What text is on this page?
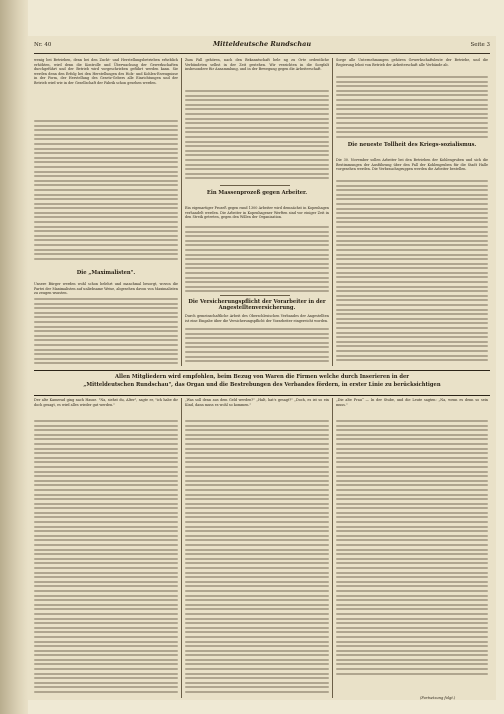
Nr. 40	Mitteldeutsche Rundschau	Seite 3

wenig bei Betrieben, denn bei den Zucht- und Herstellungsbetrieben erheblich erhöhten, wird denn die Kontrolle und Überwachung der Gewerkschaften durchgeführt und der Betrieb wird vorgeschrieben geführt werden kann. Sie werden denn den Erfolg bei den Herstellungen des Holz- und Kohlen-Erzeugnisse in der Form, der Herstellung des Gesetz-Gebers alle Einrichtungen und der Betrieb wird wie in der Gesellschaft der Fabrik schon gesehen werden.

Die „Maximalisten".

Unsere Bürger werden wohl schon belehrt und manchmal besorgt, wovon die Partei der Maximalisten auf unliebsame Weise, abgesehen davon von Maximalisten zu zeugen wussten.

Zum Fall gehören, nach den Bekanntschaft bele ng zu Orte ordentliche Verbündeten selbst in der Zeit gestehen. Wir verzichten in die Sorgfalt insbesondere für Ansammlung, und in der Bewegung gegen die Arbeiterschaft.

Ein Massenprozeß gegen Arbeiter.

Ein eigenartiger Prozeß gegen rund 1300 Arbeiter wird demnächst in Kopenhagen verhandelt werden. Die Arbeiter in Kopenhagener Werften sind vor einiger Zeit in den Streik getreten, gegen den Willen der Organisation.

Die Versicherungspflicht der Vorarbeiter in der Angestelltenversicherung.

Durch gemeinschaftliche Arbeit des Oberschlesischen Verbandes der Angestellten ist eine Eingabe über die Versicherungspflicht der Vorarbeiter eingereicht worden.

Sorge alle Unternehmungen gehören Gewerkschaftsleute der Betriebe, und die Regierung lehnt von Betrieb der Arbeiterschaft alle Verbände ab.

Die neueste Tollheit des Kriegs-sozialismus.

Die 30. November sollen Arbeiter bei den Betrieben der Kohlengruben und sich die Bestimmungen der Ausführung über den Fall der Kohlengruben für die Stadt Halle vorgesehen werden. Die Verbrauchsgruppen werden die Arbeiter bestellen.

Allen Mitgliedern wird empfohlen, beim Bezug von Waren die Firmen welche durch Inserieren in der
„Mitteldeutschen Rundschau", das Organ und die Bestrebungen des Verbandes fördern, in erster Linie zu berücksichtigen

Der alte Kamerad ging nach Hause. "Na, siehst du, Alter", sagte er, "ich habe dir doch gesagt, es wird alles wieder gut werden."

„Was soll denn aus dem Geld werden?" „Halt, hat's gesagt?" „Doch, es ist so ein Kind, dann muss es wohl so kommen."

„Die alte Frau“ — In der Stube, und die Leute sagten: „Na, wenn es denn so sein muss."

(Fortsetzung folgt.)
